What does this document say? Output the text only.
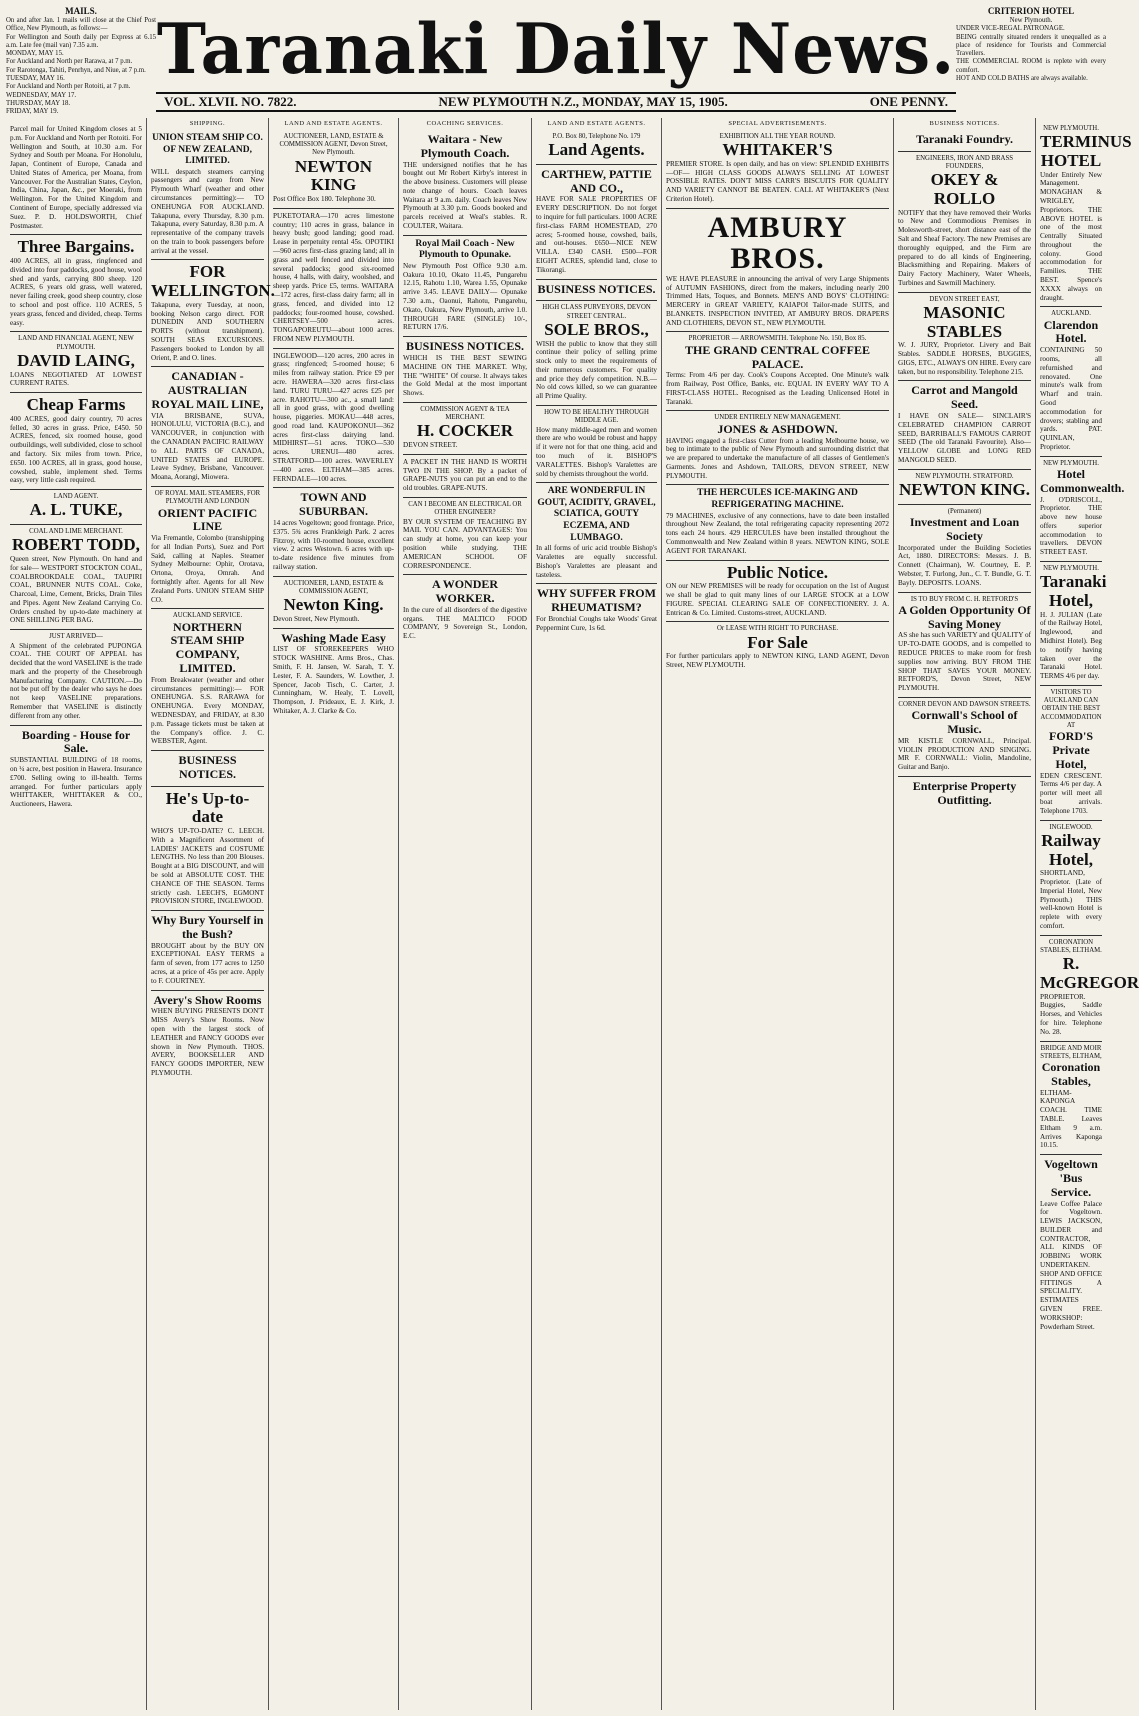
MAILS.
On and after Jan. 1 mails will close at the Chief Post Office, New Plymouth, as follows:—
For Wellington and South daily per Express at 6.15 a.m. Late fee (mail van) 7.35 a.m.
MONDAY, MAY 15.
For Auckland and North per Rarawa, at 7 p.m.
For Rarotonga, Tahiti, Penrhyn, and Niue, at 7 p.m.
TUESDAY, MAY 16.
For Auckland and North per Rotoiti, at 7 p.m.
WEDNESDAY, MAY 17.
THURSDAY, MAY 18.
FRIDAY, MAY 19.
Taranaki Daily News.
VOL. XLVII. NO. 7822.	NEW PLYMOUTH N.Z., MONDAY, MAY 15, 1905.	ONE PENNY.
CRITERION HOTEL
New Plymouth.
UNDER VICE-REGAL PATRONAGE.
BEING centrally situated renders it unequalled as a place of residence for Tourists and Commercial Travellers.
THE COMMERCIAL ROOM is replete with every comfort.
HOT AND COLD BATHS are always available.
Parcel mail for United Kingdom closes at 5 p.m. For Auckland and North per Rotoiti. For Wellington and South, at 10.30 a.m. For Sydney and South per Moana. For Honolulu, Japan, Continent of Europe, Canada and United States of America, per Moana, from Vancouver. For the Australian States, Ceylon, India, China, Japan, &c., per Moeraki, from Wellington. For the United Kingdom and Continent of Europe, specially addressed via Suez. P. D. HOLDSWORTH, Chief Postmaster.
Three Bargains.
400 ACRES, all in grass, ringfenced and divided into four paddocks, good house, wool shed and yards, carrying 800 sheep. 120 ACRES, 6 years old grass, well watered, never failing creek, good sheep country, close to school and post office. 110 ACRES, 5 years grass, fenced and divided, cheap. Terms easy.
LAND AND FINANCIAL AGENT, NEW PLYMOUTH.
DAVID LAING,
LOANS NEGOTIATED AT LOWEST CURRENT RATES.
Cheap Farms
400 ACRES, good dairy country, 70 acres felled, 30 acres in grass. Price, £450. 50 ACRES, fenced, six roomed house, good outbuildings, well subdivided, close to school and factory. Six miles from town. Price, £650. 100 ACRES, all in grass, good house, cowshed, stable, implement shed. Terms easy, very little cash required.
LAND AGENT.
A. L. TUKE,
COAL AND LIME MERCHANT.
ROBERT TODD,
Queen street, New Plymouth. On hand and for sale— WESTPORT STOCKTON COAL, COALBROOKDALE COAL, TAUPIRI COAL, BRUNNER NUTS COAL. Coke, Charcoal, Lime, Cement, Bricks, Drain Tiles and Pipes. Agent New Zealand Carrying Co. Orders crushed by up-to-date machinery at ONE SHILLING PER BAG.
JUST ARRIVED—
A Shipment of the celebrated PUPONGA COAL. THE COURT OF APPEAL has decided that the word VASELINE is the trade mark and the property of the Chesebrough Manufacturing Company. CAUTION.—Do not be put off by the dealer who says he does not keep VASELINE preparations. Remember that VASELINE is distinctly different from any other.
Boarding - House for Sale.
SUBSTANTIAL BUILDING of 18 rooms, on ¼ acre, best position in Hawera. Insurance £700. Selling owing to ill-health. Terms arranged. For further particulars apply WHITTAKER, WHITTAKER & CO., Auctioneers, Hawera.
SHIPPING.
UNION STEAM SHIP CO. OF NEW ZEALAND, LIMITED.
WILL despatch steamers carrying passengers and cargo from New Plymouth Wharf (weather and other circumstances permitting):— TO ONEHUNGA FOR AUCKLAND. Takapuna, every Thursday, 8.30 p.m. Takapuna, every Saturday, 8.30 p.m. A representative of the company travels on the train to book passengers before arrival at the vessel.
FOR WELLINGTON.
Takapuna, every Tuesday, at noon, booking Nelson cargo direct. FOR DUNEDIN AND SOUTHERN PORTS (without transhipment). SOUTH SEAS EXCURSIONS. Passengers booked to London by all Orient, P. and O. lines.
CANADIAN - AUSTRALIAN ROYAL MAIL LINE,
VIA BRISBANE, SUVA, HONOLULU, VICTORIA (B.C.), and VANCOUVER, in conjunction with the CANADIAN PACIFIC RAILWAY to ALL PARTS OF CANADA, UNITED STATES and EUROPE. Leave Sydney, Brisbane, Vancouver. Moana, Aorangi, Miowera.
OF ROYAL MAIL STEAMERS, FOR PLYMOUTH AND LONDON
ORIENT PACIFIC LINE
Via Fremantle, Colombo (transhipping for all Indian Ports), Suez and Port Said, calling at Naples. Steamer Sydney Melbourne: Ophir, Orotava, Ortona, Oroya, Omrah. And fortnightly after. Agents for all New Zealand Ports. UNION STEAM SHIP CO.
AUCKLAND SERVICE.
NORTHERN STEAM SHIP COMPANY, LIMITED.
From Breakwater (weather and other circumstances permitting):— FOR ONEHUNGA. S.S. RARAWA for ONEHUNGA. Every MONDAY, WEDNESDAY, and FRIDAY, at 8.30 p.m. Passage tickets must be taken at the Company's office. J. C. WEBSTER, Agent.
BUSINESS NOTICES.
He's Up-to-date
WHO'S UP-TO-DATE? C. LEECH. With a Magnificent Assortment of LADIES' JACKETS and COSTUME LENGTHS. No less than 200 Blouses. Bought at a BIG DISCOUNT, and will be sold at ABSOLUTE COST. THE CHANCE OF THE SEASON. Terms strictly cash. LEECH'S, EGMONT PROVISION STORE, INGLEWOOD.
Why Bury Yourself in the Bush?
BROUGHT about by the BUY ON EXCEPTIONAL EASY TERMS a farm of seven, from 177 acres to 1250 acres, at a price of 45s per acre. Apply to F. COURTNEY.
Avery's Show Rooms
WHEN BUYING PRESENTS DON'T MISS Avery's Show Rooms. Now open with the largest stock of LEATHER and FANCY GOODS ever shown in New Plymouth. THOS. AVERY, BOOKSELLER AND FANCY GOODS IMPORTER, NEW PLYMOUTH.
LAND AND ESTATE AGENTS.
AUCTIONEER, LAND, ESTATE & COMMISSION AGENT, Devon Street, New Plymouth.
NEWTON KING
Post Office Box 180. Telephone 30.
PUKETOTARA—170 acres limestone country; 110 acres in grass, balance in heavy bush; good landing; good road. Lease in perpetuity rental 45s. OPOTIKI—960 acres first-class grazing land; all in grass and well fenced and divided into several paddocks; good six-roomed house, 4 halls, with dairy, woolshed, and sheep yards. Price £5, terms. WAITARA—172 acres, first-class dairy farm; all in grass, fenced, and divided into 12 paddocks; four-roomed house, cowshed. CHERTSEY—500 acres. TONGAPOREUTU—about 1000 acres. FROM NEW PLYMOUTH.
INGLEWOOD—120 acres, 200 acres in grass; ringfenced; 5-roomed house; 6 miles from railway station. Price £9 per acre. HAWERA—320 acres first-class land. TURU TURU—427 acres £25 per acre. RAHOTU—300 ac., a small land: all in good grass, with good dwelling house, piggeries. MOKAU—448 acres, good road land. KAUPOKONUI—362 acres first-class dairying land. MIDHIRST—51 acres. TOKO—530 acres. URENUI—480 acres. STRATFORD—100 acres. WAVERLEY—400 acres. ELTHAM—385 acres. FERNDALE—100 acres.
TOWN AND SUBURBAN.
14 acres Vogeltown; good frontage. Price, £375. 5¾ acres Frankleigh Park. 2 acres Fitzroy, with 10-roomed house, excellent view. 2 acres Westown. 6 acres with up-to-date residence five minutes from railway station.
AUCTIONEER, LAND, ESTATE & COMMISSION AGENT,
Newton King.
Devon Street, New Plymouth.
Washing Made Easy
LIST OF STOREKEEPERS WHO STOCK WASHINE. Arms Bros., Chas. Smith, F. H. Jansen, W. Sarah, T. Y. Lester, F. A. Saunders, W. Lowther, J. Spencer, Jacob Tisch, C. Carter, J. Cunningham, W. Healy, T. Lovell, Thompson, J. Prideaux, E. J. Kirk, J. Whitaker, A. J. Clarke & Co.
COACHING SERVICES.
Waitara - New Plymouth Coach.
THE undersigned notifies that he has bought out Mr Robert Kirby's interest in the above business. Customers will please note change of hours. Coach leaves Waitara at 9 a.m. daily. Coach leaves New Plymouth at 3.30 p.m. Goods booked and parcels received at Weal's stables. R. COULTER, Waitara.
Royal Mail Coach - New Plymouth to Opunake.
New Plymouth Post Office 9.30 a.m. Oakura 10.10, Okato 11.45, Pungarehu 12.15, Rahotu 1.10, Warea 1.55, Opunake arrive 3.45. LEAVE DAILY— Opunake 7.30 a.m., Oaonui, Rahotu, Pungarehu, Okato, Oakura, New Plymouth, arrive 1.0. THROUGH FARE (SINGLE) 10/-, RETURN 17/6.
BUSINESS NOTICES.
WHICH IS THE BEST SEWING MACHINE ON THE MARKET. Why, THE "WHITE" Of course. It always takes the Gold Medal at the most important Shows.
COMMISSION AGENT & TEA MERCHANT.
H. COCKER
DEVON STREET.
A PACKET IN THE HAND IS WORTH TWO IN THE SHOP. By a packet of GRAPE-NUTS you can put an end to the old troubles. GRAPE-NUTS.
CAN I BECOME AN ELECTRICAL OR OTHER ENGINEER?
BY OUR SYSTEM OF TEACHING BY MAIL YOU CAN. ADVANTAGES: You can study at home, you can keep your position while studying. THE AMERICAN SCHOOL OF CORRESPONDENCE.
A WONDER WORKER.
In the cure of all disorders of the digestive organs. THE MALTICO FOOD COMPANY, 9 Sovereign St., London, E.C.
LAND AND ESTATE AGENTS.
P.O. Box 80, Telephone No. 179
Land Agents.
CARTHEW, PATTIE AND CO.,
HAVE FOR SALE PROPERTIES OF EVERY DESCRIPTION. Do not forget to inquire for full particulars. 1000 ACRE first-class FARM HOMESTEAD, 270 acres; 5-roomed house, cowshed, bails, and out-houses. £650—NICE NEW VILLA. £340 CASH. £500—FOR EIGHT ACRES, splendid land, close to Tikorangi.
BUSINESS NOTICES.
HIGH CLASS PURVEYORS, DEVON STREET CENTRAL.
SOLE BROS.,
WISH the public to know that they still continue their policy of selling prime stock only to meet the requirements of their numerous customers. For quality and price they defy competition. N.B.—No old cows killed, so we can guarantee all Prime Quality.
HOW TO BE HEALTHY THROUGH MIDDLE AGE.
How many middle-aged men and women there are who would be robust and happy if it were not for that one thing, acid and too much of it. BISHOP'S VARALETTES. Bishop's Varalettes are sold by chemists throughout the world.
ARE WONDERFUL IN GOUT, ACIDITY, GRAVEL, SCIATICA, GOUTY ECZEMA, AND LUMBAGO.
In all forms of uric acid trouble Bishop's Varalettes are equally successful. Bishop's Varalettes are pleasant and tasteless.
WHY SUFFER FROM RHEUMATISM?
For Bronchial Coughs take Woods' Great Peppermint Cure, 1s 6d.
SPECIAL ADVERTISEMENTS.
EXHIBITION ALL THE YEAR ROUND.
WHITAKER'S
PREMIER STORE. Is open daily, and has on view: SPLENDID EXHIBITS —OF— HIGH CLASS GOODS ALWAYS SELLING AT LOWEST POSSIBLE RATES. DON'T MISS CARR'S BISCUITS FOR QUALITY AND VARIETY CANNOT BE BEATEN. CALL AT WHITAKER'S (Next Criterion Hotel).
AMBURY BROS.
WE HAVE PLEASURE in announcing the arrival of very Large Shipments of AUTUMN FASHIONS, direct from the makers, including nearly 200 Trimmed Hats, Toques, and Bonnets. MEN'S AND BOYS' CLOTHING: MERCERY in GREAT VARIETY, KAIAPOI Tailor-made SUITS, and BLANKETS. INSPECTION INVITED, AT AMBURY BROS. DRAPERS AND CLOTHIERS, DEVON ST., NEW PLYMOUTH.
PROPRIETOR — ARROWSMITH. Telephone No. 150, Box 85.
THE GRAND CENTRAL COFFEE PALACE.
Terms: From 4/6 per day. Cook's Coupons Accepted. One Minute's walk from Railway, Post Office, Banks, etc. EQUAL IN EVERY WAY TO A FIRST-CLASS HOTEL. Recognised as the Leading Unlicensed Hotel in Taranaki.
UNDER ENTIRELY NEW MANAGEMENT.
JONES & ASHDOWN.
HAVING engaged a first-class Cutter from a leading Melbourne house, we beg to intimate to the public of New Plymouth and surrounding district that we are prepared to undertake the manufacture of all classes of Gentlemen's Garments. Jones and Ashdown, TAILORS, DEVON STREET, NEW PLYMOUTH.
THE HERCULES ICE-MAKING AND REFRIGERATING MACHINE.
79 MACHINES, exclusive of any connections, have to date been installed throughout New Zealand, the total refrigerating capacity representing 2072 tons each 24 hours. 429 HERCULES have been installed throughout the Commonwealth and New Zealand within 8 years. NEWTON KING, SOLE AGENT FOR TARANAKI.
Public Notice.
ON our NEW PREMISES will be ready for occupation on the 1st of August we shall be glad to quit many lines of our LARGE STOCK at a LOW FIGURE. SPECIAL CLEARING SALE OF CONFECTIONERY. J. A. Entrican & Co. Limited. Customs-street, AUCKLAND.
Or LEASE WITH RIGHT TO PURCHASE.
For Sale
For further particulars apply to NEWTON KING, LAND AGENT, Devon Street, NEW PLYMOUTH.
BUSINESS NOTICES.
Taranaki Foundry.
ENGINEERS, IRON AND BRASS FOUNDERS,
OKEY & ROLLO
NOTIFY that they have removed their Works to New and Commodious Premises in Molesworth-street, short distance east of the Salt and Sheaf Factory. The new Premises are thoroughly equipped, and the Firm are prepared to do all kinds of Engineering, Blacksmithing and Repairing. Makers of Dairy Factory Machinery, Water Wheels, Turbines and Sawmill Machinery.
DEVON STREET EAST,
MASONIC STABLES
W. J. JURY, Proprietor. Livery and Bait Stables. SADDLE HORSES, BUGGIES, GIGS, ETC., ALWAYS ON HIRE. Every care taken, but no responsibility. Telephone 215.
Carrot and Mangold Seed.
I HAVE ON SALE— SINCLAIR'S CELEBRATED CHAMPION CARROT SEED, BARRIBALL'S FAMOUS CARROT SEED (The old Taranaki Favourite). Also— YELLOW GLOBE and LONG RED MANGOLD SEED.
NEW PLYMOUTH. STRATFORD.
NEWTON KING.
(Permanent)
Investment and Loan Society
Incorporated under the Building Societies Act, 1880. DIRECTORS: Messrs. J. B. Connett (Chairman), W. Courtney, E. P. Webster, T. Furlong, Jun., C. T. Bundle, G. T. Bayly. DEPOSITS. LOANS.
IS TO BUY FROM C. H. RETFORD'S
A Golden Opportunity Of Saving Money
AS she has such VARIETY and QUALITY of UP-TO-DATE GOODS, and is compelled to REDUCE PRICES to make room for fresh supplies now arriving. BUY FROM THE SHOP THAT SAVES YOUR MONEY. RETFORD'S, Devon Street, NEW PLYMOUTH.
CORNER DEVON AND DAWSON STREETS.
Cornwall's School of Music.
MR KISTLE CORNWALL, Principal. VIOLIN PRODUCTION AND SINGING. MR F. CORNWALL: Violin, Mandoline, Guitar and Banjo.
Enterprise Property Outfitting.
NEW PLYMOUTH.
TERMINUS HOTEL
Under Entirely New Management. MONAGHAN & WRIGLEY, Proprietors. THE ABOVE HOTEL is one of the most Centrally Situated throughout the colony. Good accommodation for Families. THE BEST. Spence's XXXX always on draught.
AUCKLAND.
Clarendon Hotel.
CONTAINING 50 rooms, all refurnished and renovated. One minute's walk from Wharf and train. Good accommodation for drovers; stabling and yards. PAT. QUINLAN, Proprietor.
NEW PLYMOUTH.
Hotel Commonwealth.
J. O'DRISCOLL, Proprietor. THE above new house offers superior accommodation to travellers. DEVON STREET EAST.
NEW PLYMOUTH.
Taranaki Hotel,
H. J. JULIAN (Late of the Railway Hotel, Inglewood, and Midhirst Hotel). Beg to notify having taken over the Taranaki Hotel. TERMS 4/6 per day.
VISITORS TO AUCKLAND CAN OBTAIN THE BEST ACCOMMODATION AT
FORD'S Private Hotel,
EDEN CRESCENT. Terms 4/6 per day. A porter will meet all boat arrivals. Telephone 1703.
INGLEWOOD.
Railway Hotel,
SHORTLAND, Proprietor. (Late of Imperial Hotel, New Plymouth.) THIS well-known Hotel is replete with every comfort.
CORONATION STABLES, ELTHAM.
R. McGREGOR
PROPRIETOR. Buggies, Saddle Horses, and Vehicles for hire. Telephone No. 28.
BRIDGE AND MOIR STREETS, ELTHAM,
Coronation Stables,
ELTHAM-KAPONGA COACH. TIME TABLE. Leaves Eltham 9 a.m. Arrives Kaponga 10.15.
Vogeltown 'Bus Service.
Leave Coffee Palace for Vogeltown. LEWIS JACKSON, BUILDER and CONTRACTOR, ALL KINDS OF JOBBING WORK UNDERTAKEN. SHOP AND OFFICE FITTINGS A SPECIALITY. ESTIMATES GIVEN FREE. WORKSHOP: Powderham Street.
